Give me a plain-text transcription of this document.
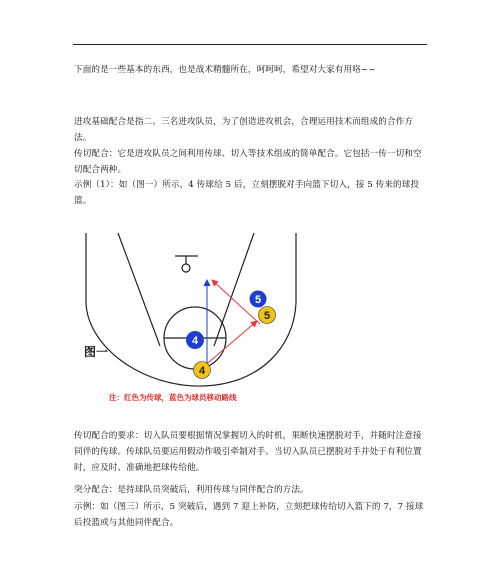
下面的是一些基本的东西，也是战术精髓所在，呵呵呵，希望对大家有用咯~~
进攻基础配合是指二、三名进攻队员，为了创造进攻机会，合理运用技术而组成的合作方法。
传切配合：它是进攻队员之间利用传球、切入等技术组成的简单配合。它包括一传一切和空切配合两种。
示例（1）：如（图一）所示，4 传球给 5 后，立刻摆脱对手向篮下切入，接 5 传来的球投篮。
4
5
5
4
图一
注：红色为传球，蓝色为球员移动路线
传切配合的要求：切入队员要根据情况掌握切入的时机，果断快速摆脱对手，并随时注意接同伴的传球。传球队员要运用假动作吸引牵制对手。当切入队员已摆脱对手并处于有利位置时，应及时、准确地把球传给他。
突分配合：是持球队员突破后，利用传球与同伴配合的方法。
示例：如（图三）所示，5 突破后，遇到 7 迎上补防，立刻把球传给切入篮下的 7，7 接球后投篮或与其他同伴配合。
